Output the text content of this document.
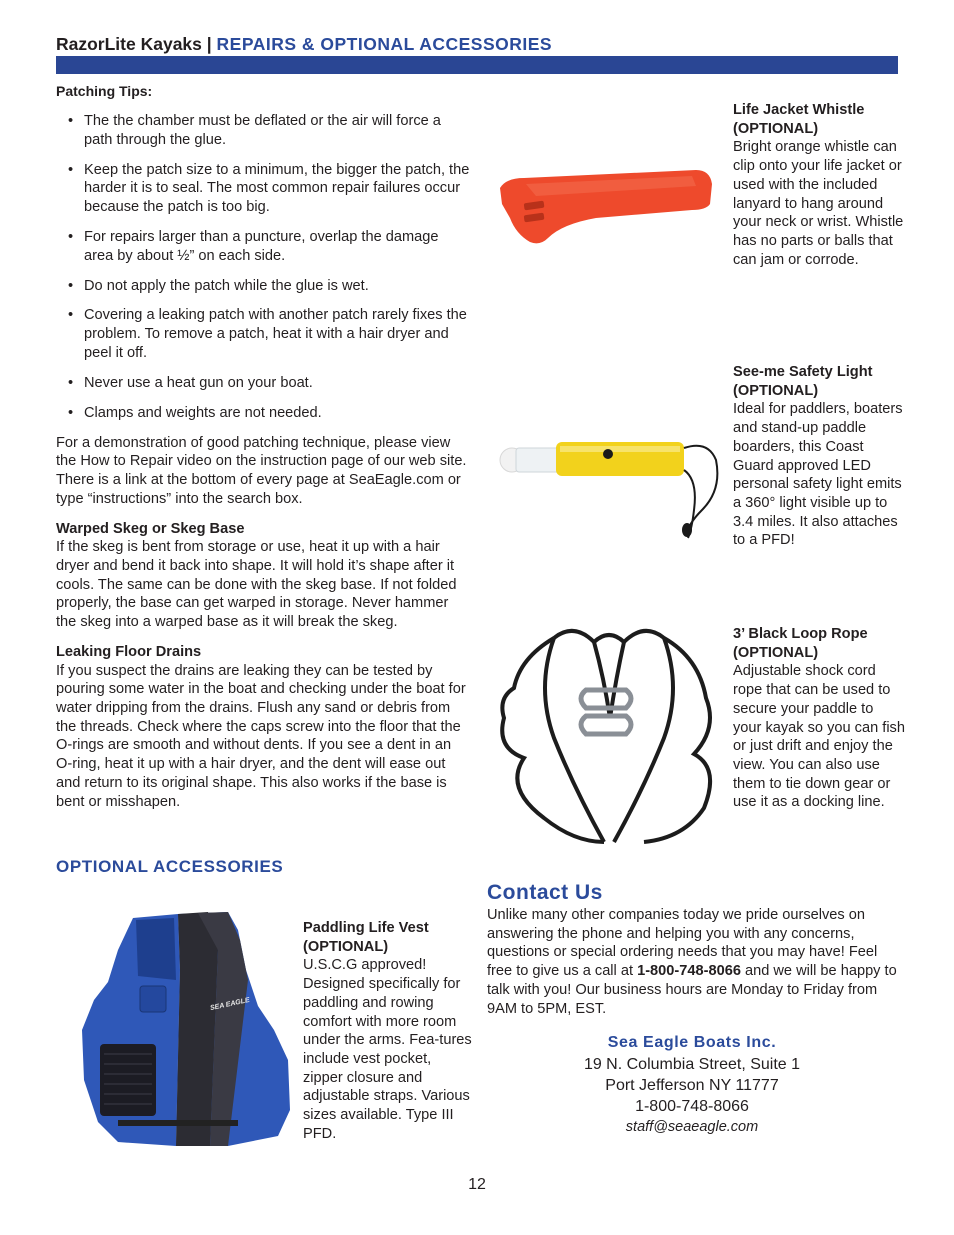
RazorLite Kayaks | REPAIRS & OPTIONAL ACCESSORIES
Patching Tips:
• The the chamber must be deflated or the air will force a path through the glue.
• Keep the patch size to a minimum, the bigger the patch, the harder it is to seal. The most common repair failures occur because the patch is too big.
• For repairs larger than a puncture, overlap the damage area by about ½” on each side.
• Do not apply the patch while the glue is wet.
• Covering a leaking patch with another patch rarely fixes the problem. To remove a patch, heat it with a hair dryer and peel it off.
• Never use a heat gun on your boat.
• Clamps and weights are not needed.

For a demonstration of good patching technique, please view the How to Repair video on the instruction page of our web site. There is a link at the bottom of every page at SeaEagle.com or type “instructions” into the search box.

Warped Skeg or Skeg Base

If the skeg is bent from storage or use, heat it up with a hair dryer and bend it back into shape. It will hold it’s shape after it cools. The same can be done with the skeg base. If not folded properly, the base can get warped in storage. Never hammer the skeg into a warped base as it will break the skeg.

Leaking Floor Drains

If you suspect the drains are leaking they can be tested by pouring some water in the boat and checking under the boat for water dripping from the drains. Flush any sand or debris from the threads. Check where the caps screw into the floor that the O-rings are smooth and without dents. If you see a dent in an O-ring, heat it up with a hair dryer, and the dent will ease out and return to its original shape. This also works if the base is bent or misshapen.

OPTIONAL ACCESSORIES
SEA EAGLE
Paddling Life Vest
(OPTIONAL)
U.S.C.G approved! Designed specifically for paddling and rowing comfort with more room under the arms. Fea-tures include vest pocket, zipper closure and adjustable straps. Various sizes available. Type III PFD.
Life Jacket Whistle
(OPTIONAL)
Bright orange whistle can clip onto your life jacket or used with the included lanyard to hang around your neck or wrist. Whistle has no parts or balls that can jam or corrode.
See-me Safety Light
(OPTIONAL)
Ideal for paddlers, boaters and stand-up paddle boarders, this Coast Guard approved LED personal safety light emits a 360° light visible up to 3.4 miles. It also attaches to a PFD!
3’ Black Loop Rope
(OPTIONAL)
Adjustable shock cord rope that can be used to secure your paddle to your kayak so you can fish or just drift and enjoy the view. You can also use them to tie down gear or use it as a docking line.
Contact Us

Unlike many other companies today we pride ourselves on answering the phone and helping you with any concerns, questions or special ordering needs that you may have! Feel free to give us a call at 1-800-748-8066 and we will be happy to talk with you! Our business hours are Monday to Friday from 9AM to 5PM, EST.

Sea Eagle Boats Inc.
19 N. Columbia Street, Suite 1
Port Jefferson NY 11777
1-800-748-8066
staff@seaeagle.com
12
